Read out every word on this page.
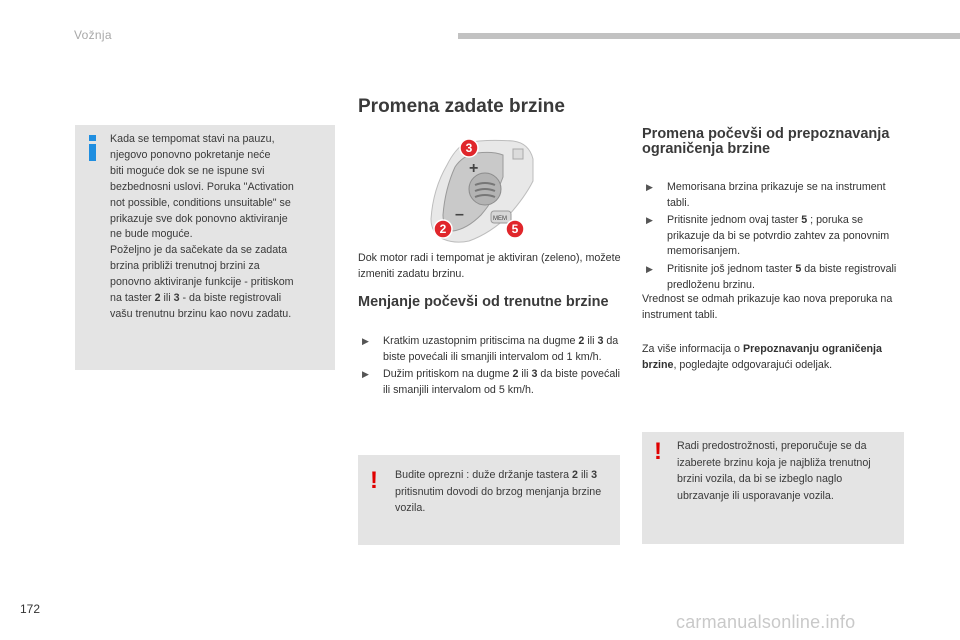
Vožnja
Kada se tempomat stavi na pauzu,
njegovo ponovno pokretanje neće
biti moguće dok se ne ispune svi
bezbednosni uslovi. Poruka "Activation
not possible, conditions unsuitable" se
prikazuje sve dok ponovno aktiviranje
ne bude moguće.
Poželjno je da sačekate da se zadata
brzina približi trenutnoj brzini za
ponovno aktiviranje funkcije - pritiskom
na taster 2 ili 3 - da biste registrovali
vašu trenutnu brzinu kao novu zadatu.
Promena zadate brzine
+
–	MEM
3
2	5
Dok motor radi i tempomat je aktiviran (zeleno), možete izmeniti zadatu brzinu.
Menjanje počevši od trenutne brzine
▶ Kratkim uzastopnim pritiscima na dugme 2 ili 3 da biste povećali ili smanjili intervalom od 1 km/h.
▶ Dužim pritiskom na dugme 2 ili 3 da biste povećali ili smanjili intervalom od 5 km/h.
! Budite oprezni : duže držanje tastera 2 ili 3 pritisnutim dovodi do brzog menjanja brzine vozila.
Promena počevši od prepoznavanja ograničenja brzine
▶ Memorisana brzina prikazuje se na instrument tabli.
▶ Pritisnite jednom ovaj taster 5 ; poruka se prikazuje da bi se potvrdio zahtev za ponovnim memorisanjem.
▶ Pritisnite još jednom taster 5 da biste registrovali predloženu brzinu.
Vrednost se odmah prikazuje kao nova preporuka na instrument tabli.
Za više informacija o Prepoznavanju ograničenja brzine, pogledajte odgovarajući odeljak.
! Radi predostrožnosti, preporučuje se da izaberete brzinu koja je najbliža trenutnoj brzini vozila, da bi se izbegl​o naglo ubrzavanje ili usporavanje vozila.
172
carmanualsonline.info
